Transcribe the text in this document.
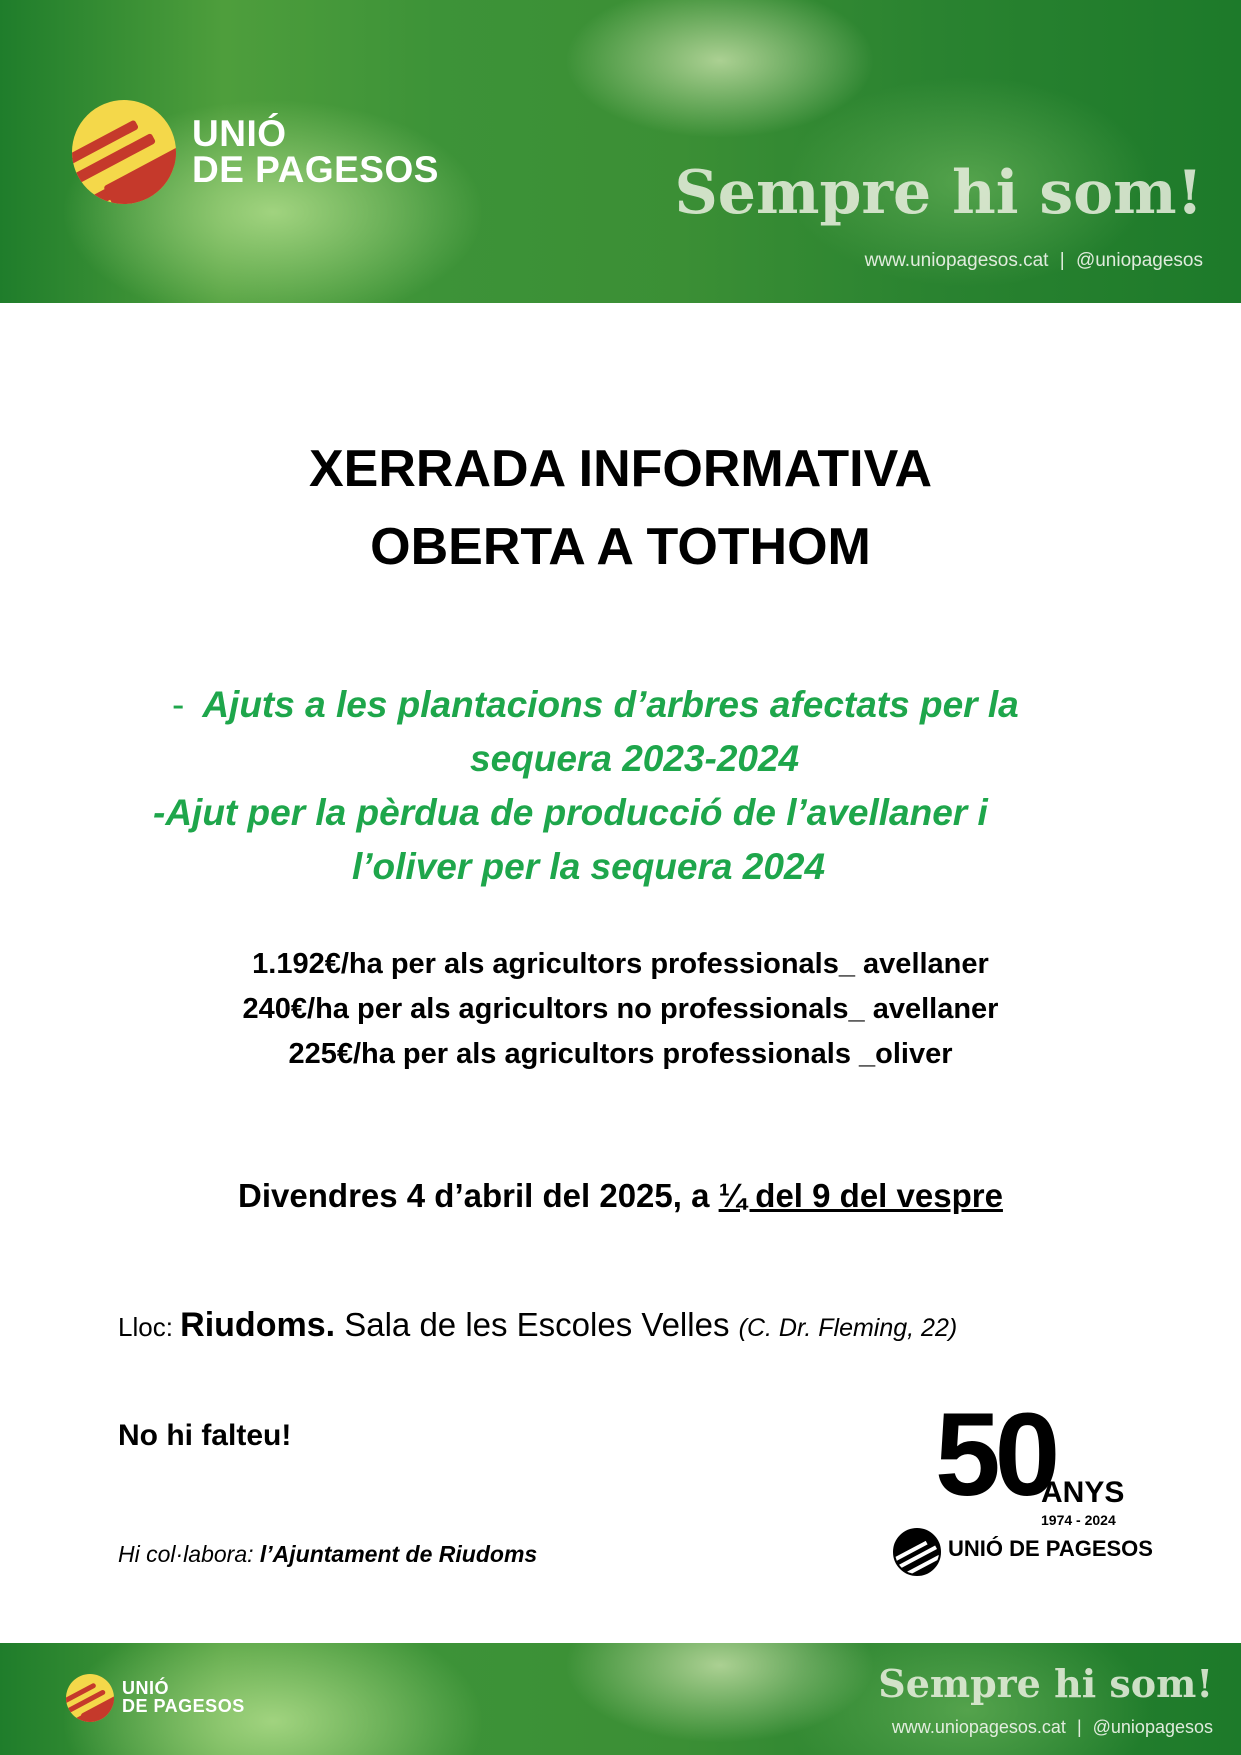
UNIÓ
DE PAGESOS	Sempre hi som!
www.uniopagesos.cat | @uniopagesos
XERRADA INFORMATIVA
OBERTA A TOTHOM
- Ajuts a les plantacions d’arbres afectats per la
sequera 2023-2024
-Ajut per la pèrdua de producció de l’avellaner i
l’oliver per la sequera 2024
1.192€/ha per als agricultors professionals_ avellaner
240€/ha per als agricultors no professionals_ avellaner
225€/ha per als agricultors professionals _oliver
Divendres 4 d’abril del 2025, a ¼ del 9 del vespre
Lloc: Riudoms. Sala de les Escoles Velles (C. Dr. Fleming, 22)
No hi falteu!
Hi col·labora: l’Ajuntament de Riudoms
50
ANYS
1974 - 2024
UNIÓ DE PAGESOS
UNIÓ
DE PAGESOS	Sempre hi som!
www.uniopagesos.cat | @uniopagesos
